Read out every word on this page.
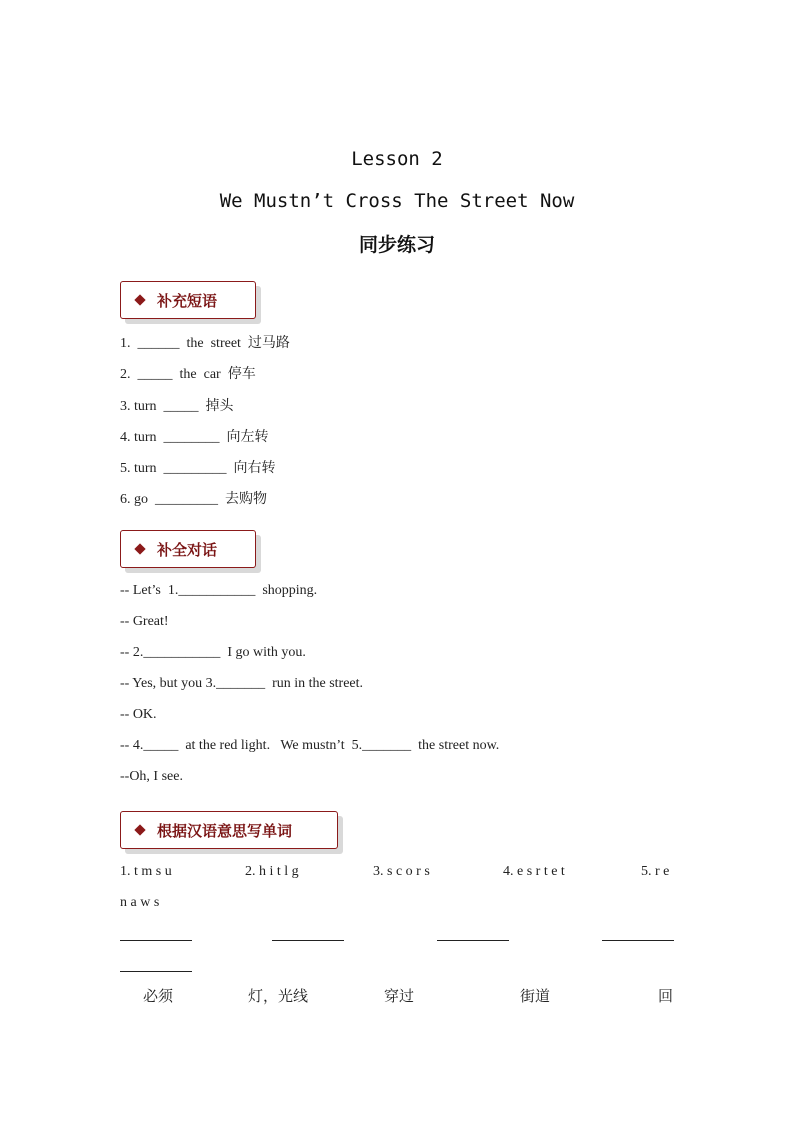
Lesson 2
We Mustn’t Cross The Street Now
同步练习
补充短语
1.  ______  the  street  过马路
2.  _____  the  car  停车
3. turn  _____  掉头
4. turn  ________  向左转
5. turn  _________  向右转
6. go  _________  去购物
补全对话
-- Let’s  1.___________  shopping.
-- Great!
-- 2.___________  I go with you.
-- Yes, but you 3._______  run in the street.
-- OK.
-- 4._____  at the red light.   We mustn’t  5._______  the street now.
--Oh, I see.
根据汉语意思写单词
1. t m s u	2. h i t l g	3. s c o r s	4. e s r t e t	5. r e
n a w s
必须	灯，光线	穿过	街道	回
